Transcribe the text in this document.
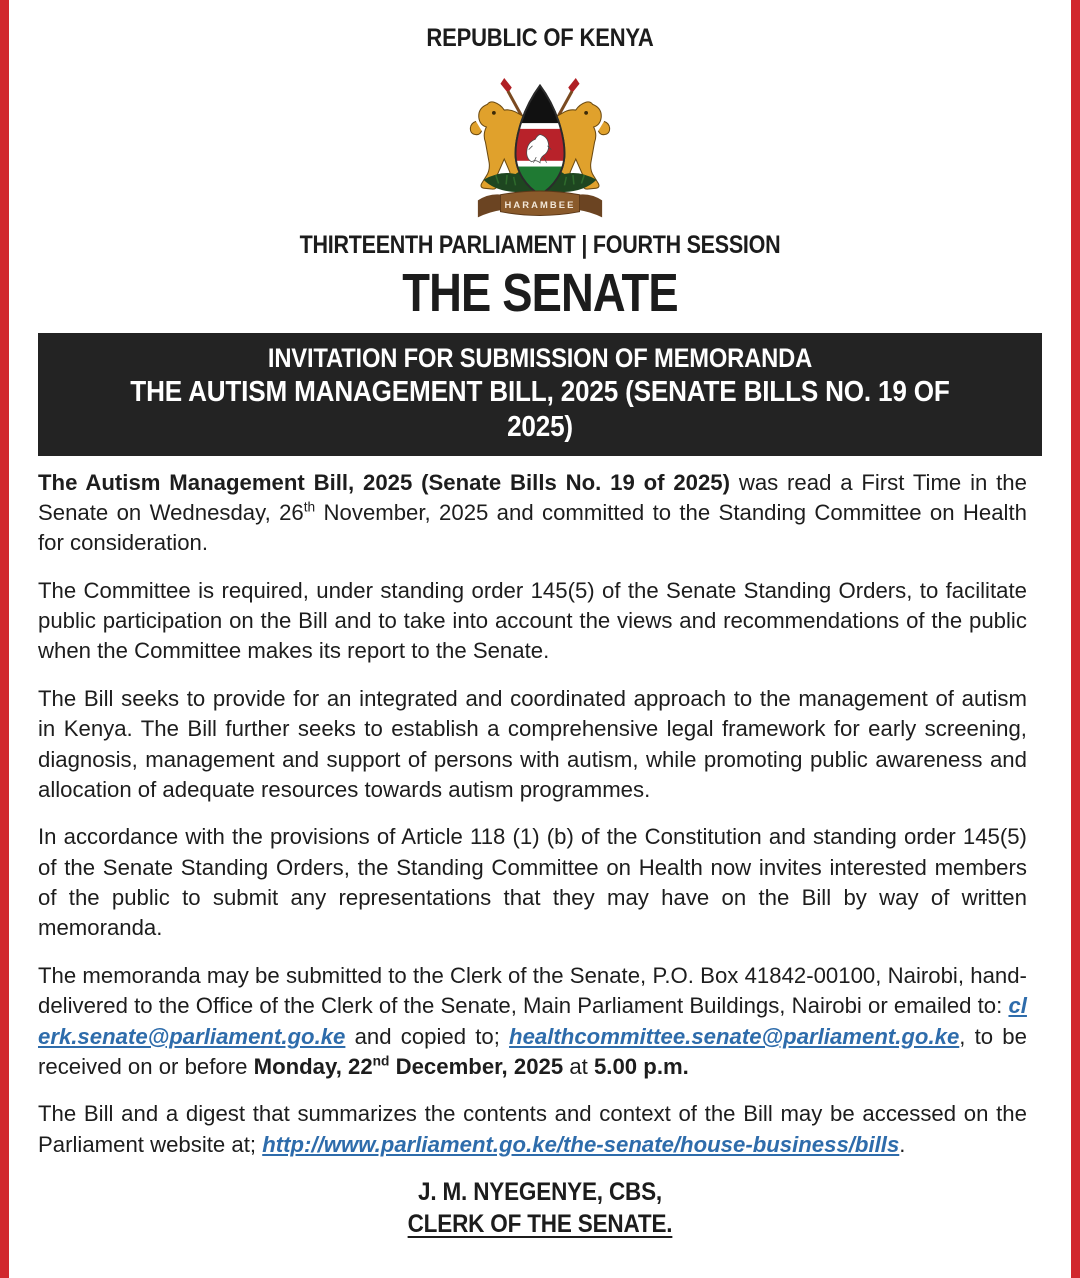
REPUBLIC OF KENYA
HARAMBEE

THIRTEENTH PARLIAMENT | FOURTH SESSION

THE SENATE

INVITATION FOR SUBMISSION OF MEMORANDA

THE AUTISM MANAGEMENT BILL, 2025 (SENATE BILLS NO. 19 OF 2025)

The Autism Management Bill, 2025 (Senate Bills No. 19 of 2025) was read a First Time in the Senate on Wednesday, 26th November, 2025 and committed to the Standing Committee on Health for consideration.

The Committee is required, under standing order 145(5) of the Senate Standing Orders, to facilitate public participation on the Bill and to take into account the views and recommendations of the public when the Committee makes its report to the Senate.

The Bill seeks to provide for an integrated and coordinated approach to the management of autism in Kenya. The Bill further seeks to establish a comprehensive legal framework for early screening, diagnosis, management and support of persons with autism, while promoting public awareness and allocation of adequate resources towards autism programmes.

In accordance with the provisions of Article 118 (1) (b) of the Constitution and standing order 145(5) of the Senate Standing Orders, the Standing Committee on Health now invites interested members of the public to submit any representations that they may have on the Bill by way of written memoranda.

The memoranda may be submitted to the Clerk of the Senate, P.O. Box 41842-00100, Nairobi, hand-delivered to the Office of the Clerk of the Senate, Main Parliament Buildings, Nairobi or emailed to: clerk.senate@parliament.go.ke and copied to; healthcommittee.senate@parliament.go.ke, to be received on or before Monday, 22nd December, 2025 at 5.00 p.m.

The Bill and a digest that summarizes the contents and context of the Bill may be accessed on the Parliament website at; http://www.parliament.go.ke/the-senate/house-business/bills.

J. M. NYEGENYE, CBS,

CLERK OF THE SENATE.
